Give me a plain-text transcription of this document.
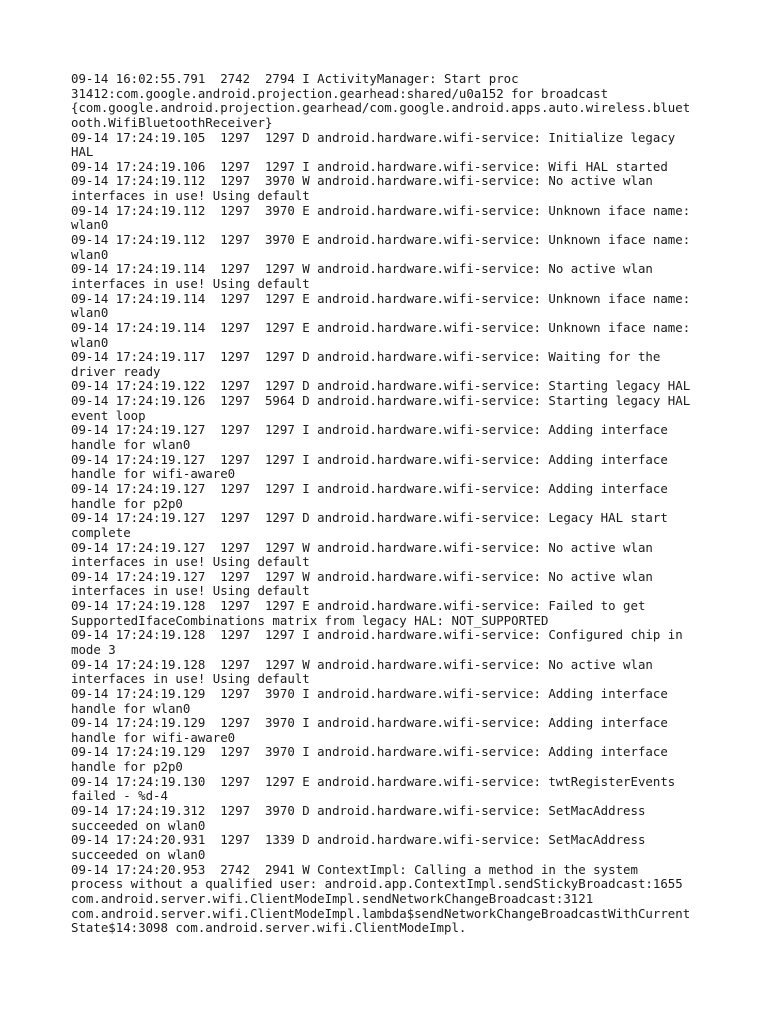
09-14 16:02:55.791  2742  2794 I ActivityManager: Start proc
31412:com.google.android.projection.gearhead:shared/u0a152 for broadcast
{com.google.android.projection.gearhead/com.google.android.apps.auto.wireless.bluet
ooth.WifiBluetoothReceiver}
09-14 17:24:19.105  1297  1297 D android.hardware.wifi-service: Initialize legacy
HAL
09-14 17:24:19.106  1297  1297 I android.hardware.wifi-service: Wifi HAL started
09-14 17:24:19.112  1297  3970 W android.hardware.wifi-service: No active wlan
interfaces in use! Using default
09-14 17:24:19.112  1297  3970 E android.hardware.wifi-service: Unknown iface name:
wlan0
09-14 17:24:19.112  1297  3970 E android.hardware.wifi-service: Unknown iface name:
wlan0
09-14 17:24:19.114  1297  1297 W android.hardware.wifi-service: No active wlan
interfaces in use! Using default
09-14 17:24:19.114  1297  1297 E android.hardware.wifi-service: Unknown iface name:
wlan0
09-14 17:24:19.114  1297  1297 E android.hardware.wifi-service: Unknown iface name:
wlan0
09-14 17:24:19.117  1297  1297 D android.hardware.wifi-service: Waiting for the
driver ready
09-14 17:24:19.122  1297  1297 D android.hardware.wifi-service: Starting legacy HAL
09-14 17:24:19.126  1297  5964 D android.hardware.wifi-service: Starting legacy HAL
event loop
09-14 17:24:19.127  1297  1297 I android.hardware.wifi-service: Adding interface
handle for wlan0
09-14 17:24:19.127  1297  1297 I android.hardware.wifi-service: Adding interface
handle for wifi-aware0
09-14 17:24:19.127  1297  1297 I android.hardware.wifi-service: Adding interface
handle for p2p0
09-14 17:24:19.127  1297  1297 D android.hardware.wifi-service: Legacy HAL start
complete
09-14 17:24:19.127  1297  1297 W android.hardware.wifi-service: No active wlan
interfaces in use! Using default
09-14 17:24:19.127  1297  1297 W android.hardware.wifi-service: No active wlan
interfaces in use! Using default
09-14 17:24:19.128  1297  1297 E android.hardware.wifi-service: Failed to get
SupportedIfaceCombinations matrix from legacy HAL: NOT_SUPPORTED
09-14 17:24:19.128  1297  1297 I android.hardware.wifi-service: Configured chip in
mode 3
09-14 17:24:19.128  1297  1297 W android.hardware.wifi-service: No active wlan
interfaces in use! Using default
09-14 17:24:19.129  1297  3970 I android.hardware.wifi-service: Adding interface
handle for wlan0
09-14 17:24:19.129  1297  3970 I android.hardware.wifi-service: Adding interface
handle for wifi-aware0
09-14 17:24:19.129  1297  3970 I android.hardware.wifi-service: Adding interface
handle for p2p0
09-14 17:24:19.130  1297  1297 E android.hardware.wifi-service: twtRegisterEvents
failed - %d-4
09-14 17:24:19.312  1297  3970 D android.hardware.wifi-service: SetMacAddress
succeeded on wlan0
09-14 17:24:20.931  1297  1339 D android.hardware.wifi-service: SetMacAddress
succeeded on wlan0
09-14 17:24:20.953  2742  2941 W ContextImpl: Calling a method in the system
process without a qualified user: android.app.ContextImpl.sendStickyBroadcast:1655
com.android.server.wifi.ClientModeImpl.sendNetworkChangeBroadcast:3121
com.android.server.wifi.ClientModeImpl.lambda$sendNetworkChangeBroadcastWithCurrent
State$14:3098 com.android.server.wifi.ClientModeImpl.
